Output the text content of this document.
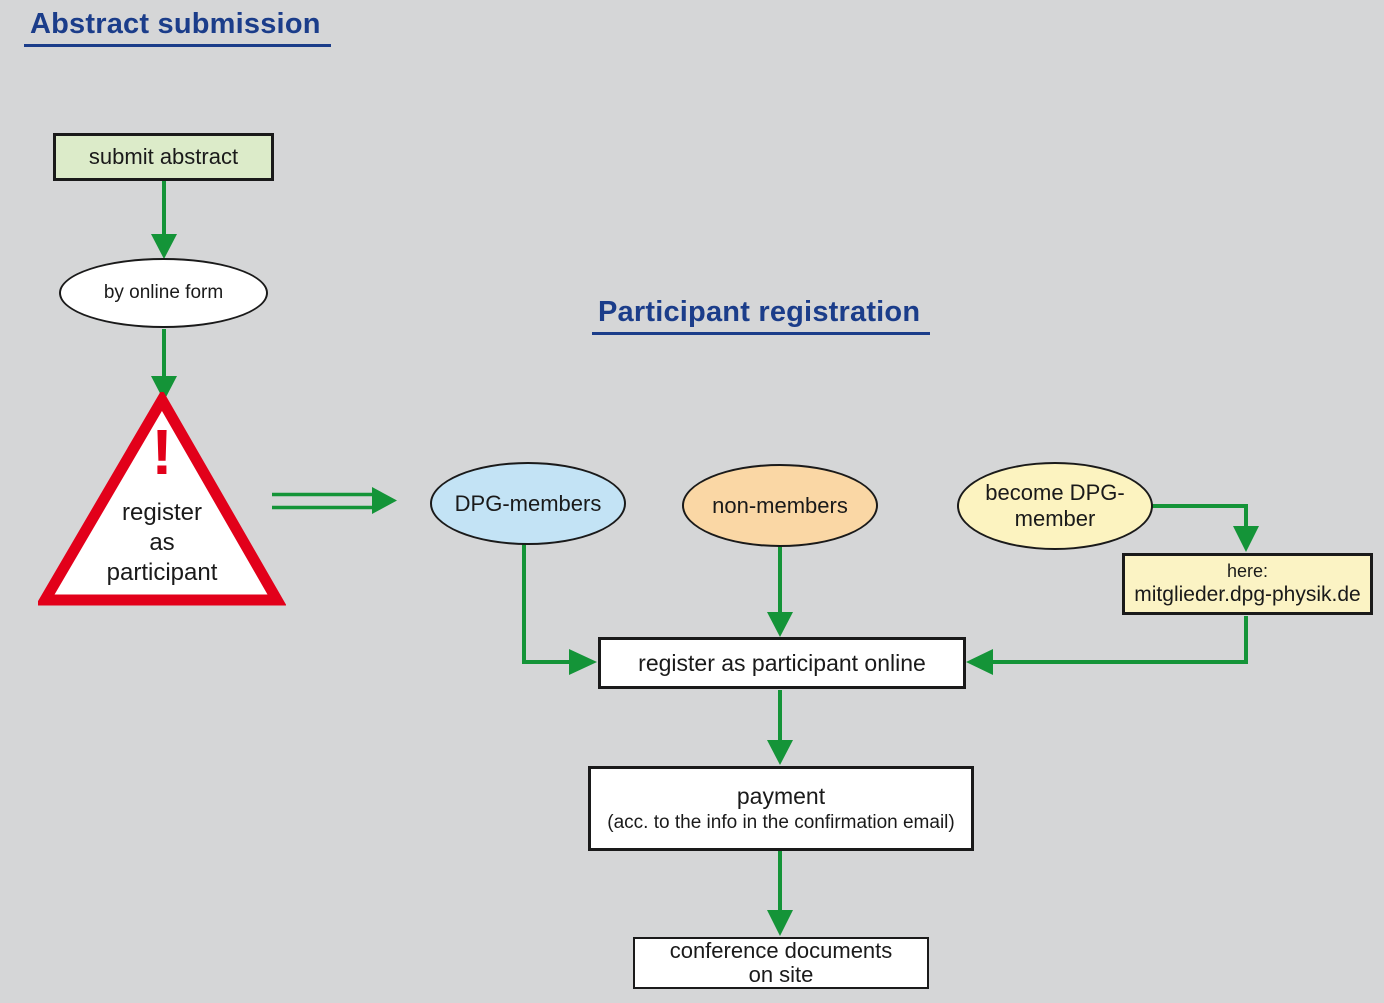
Abstract submission
submit abstract
by online form
!
register
as
participant
Participant registration
DPG-members	non-members	become DPG-
member
here:
mitglieder.dpg-physik.de
register as participant online
payment
(acc. to the info in the confirmation email)
conference documents
on site
